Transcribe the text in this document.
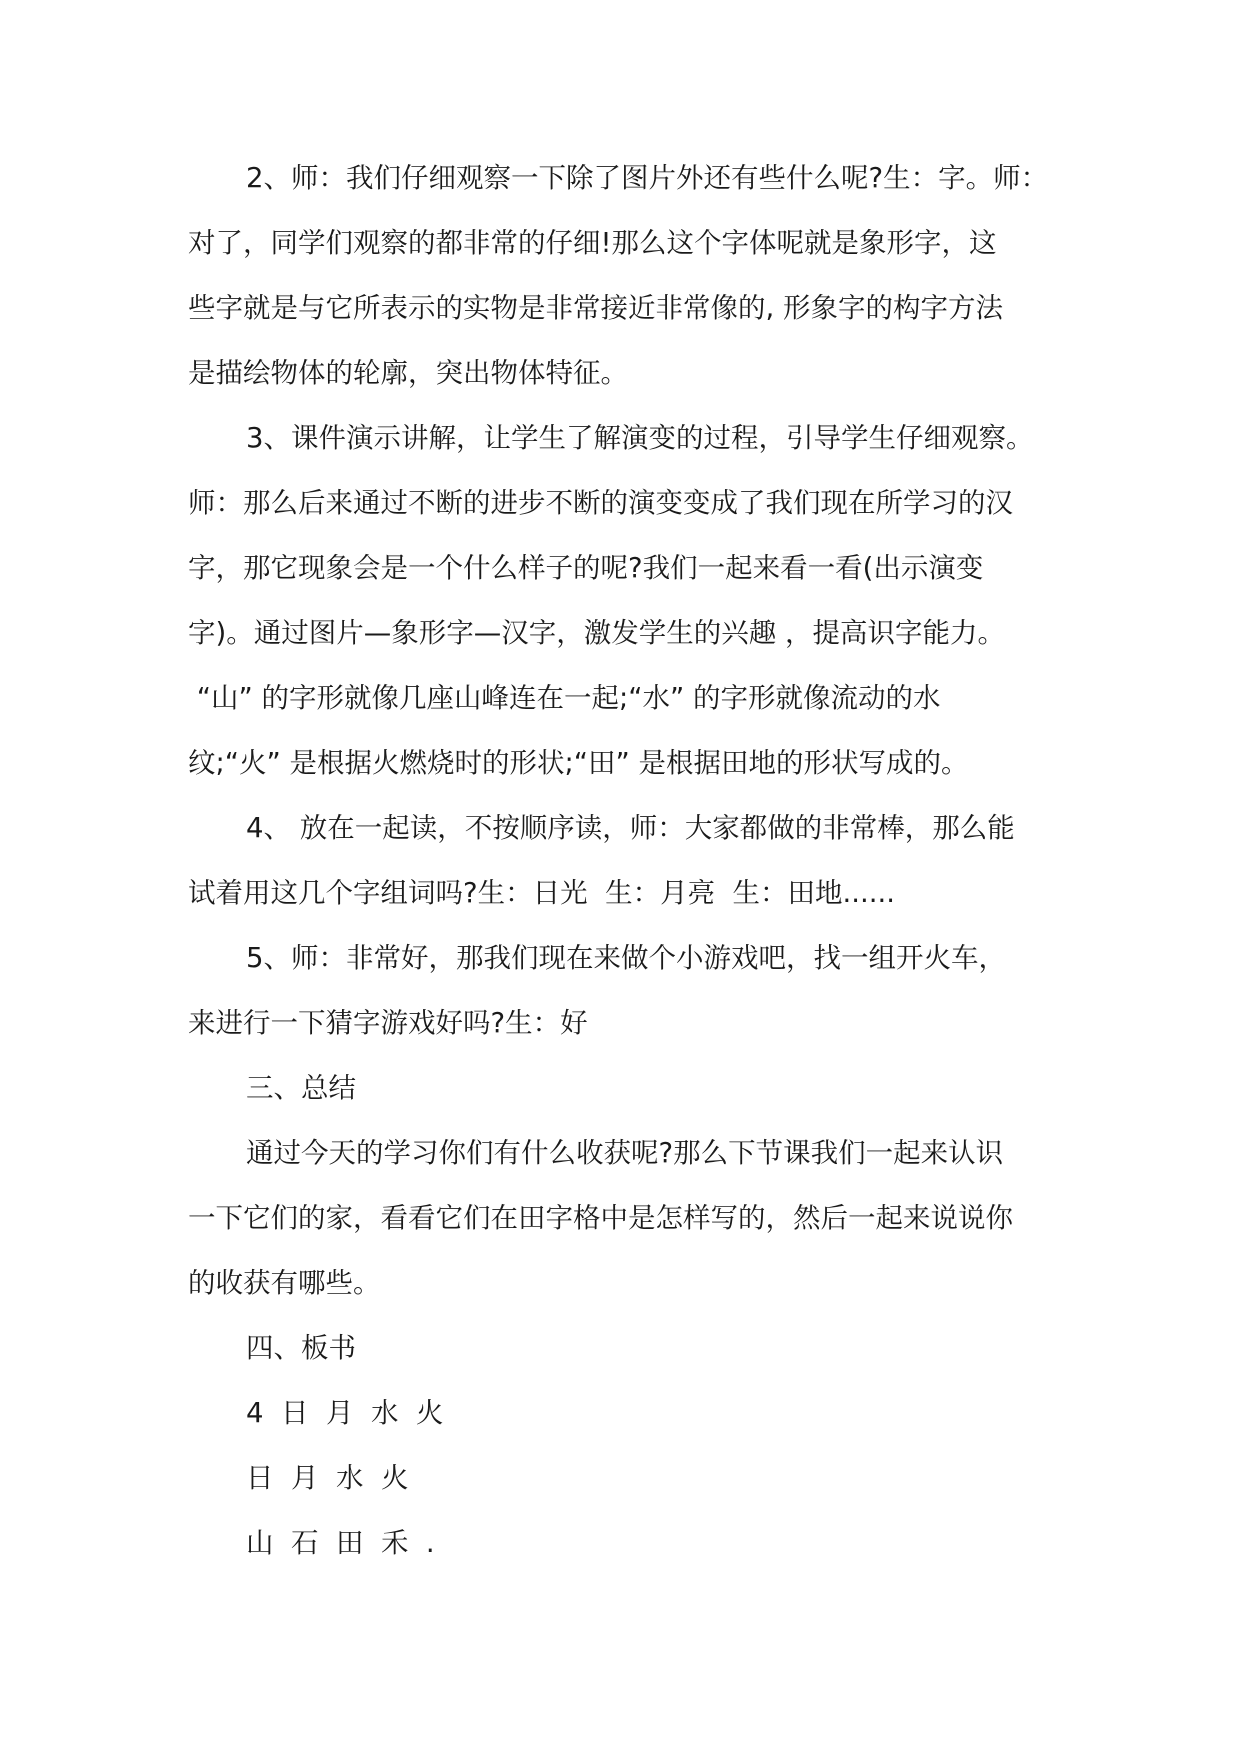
2、师：我们仔细观察一下除了图片外还有些什么呢?生：字。师：
对了，同学们观察的都非常的仔细!那么这个字体呢就是象形字，这
些字就是与它所表示的实物是非常接近非常像的, 形象字的构字方法
是描绘物体的轮廓，突出物体特征。
3、课件演示讲解，让学生了解演变的过程，引导学生仔细观察。
师：那么后来通过不断的进步不断的演变变成了我们现在所学习的汉
字，那它现象会是一个什么样子的呢?我们一起来看一看(出示演变
字)。通过图片—象形字—汉字，激发学生的兴趣 ，提高识字能力。
“山” 的字形就像几座山峰连在一起;“水” 的字形就像流动的水
纹;“火” 是根据火燃烧时的形状;“田” 是根据田地的形状写成的。
4、 放在一起读，不按顺序读，师：大家都做的非常棒，那么能
试着用这几个字组词吗?生：日光  生：月亮  生：田地......
5、师：非常好，那我们现在来做个小游戏吧，找一组开火车，
来进行一下猜字游戏好吗?生：好
三、总结
通过今天的学习你们有什么收获呢?那么下节课我们一起来认识
一下它们的家，看看它们在田字格中是怎样写的，然后一起来说说你
的收获有哪些。
四、板书
4  日  月  水  火
日  月  水  火
山  石  田  禾  .
